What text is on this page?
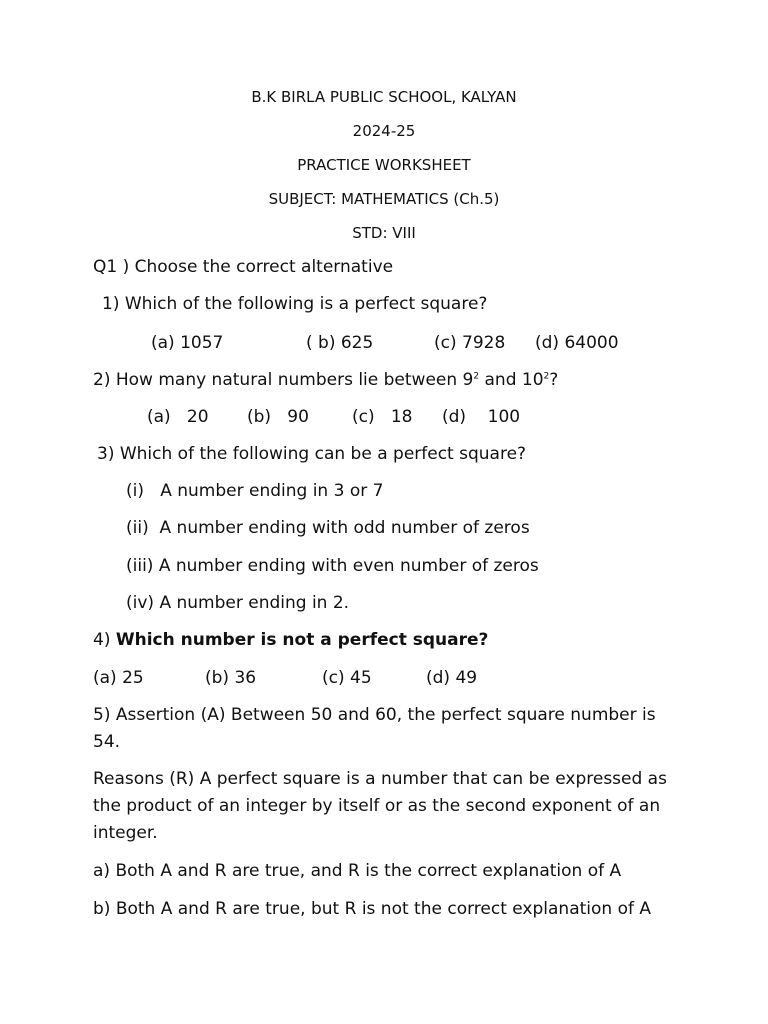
B.K BIRLA PUBLIC SCHOOL, KALYAN
2024-25
PRACTICE WORKSHEET
SUBJECT: MATHEMATICS (Ch.5)
STD: VIII
Q1 ) Choose the correct alternative
1) Which of the following is a perfect square?
(a) 1057	( b) 625	(c) 7928 (d) 64000
2) How many natural numbers lie between $9^2$ and $10^2$?
(a)   20 (b)   90	(c)   18 (d)    100
3) Which of the following can be a perfect square?
(i)   A number ending in 3 or 7
(ii)  A number ending with odd number of zeros
(iii) A number ending with even number of zeros
(iv) A number ending in 2.
4) Which number is not a perfect square?
(a) 25	(b) 36	(c) 45	(d) 49
5) Assertion (A) Between 50 and 60, the perfect square number is 54.
Reasons (R) A perfect square is a number that can be expressed as the product of an integer by itself or as the second exponent of an integer.
a) Both A and R are true, and R is the correct explanation of A
b) Both A and R are true, but R is not the correct explanation of A
